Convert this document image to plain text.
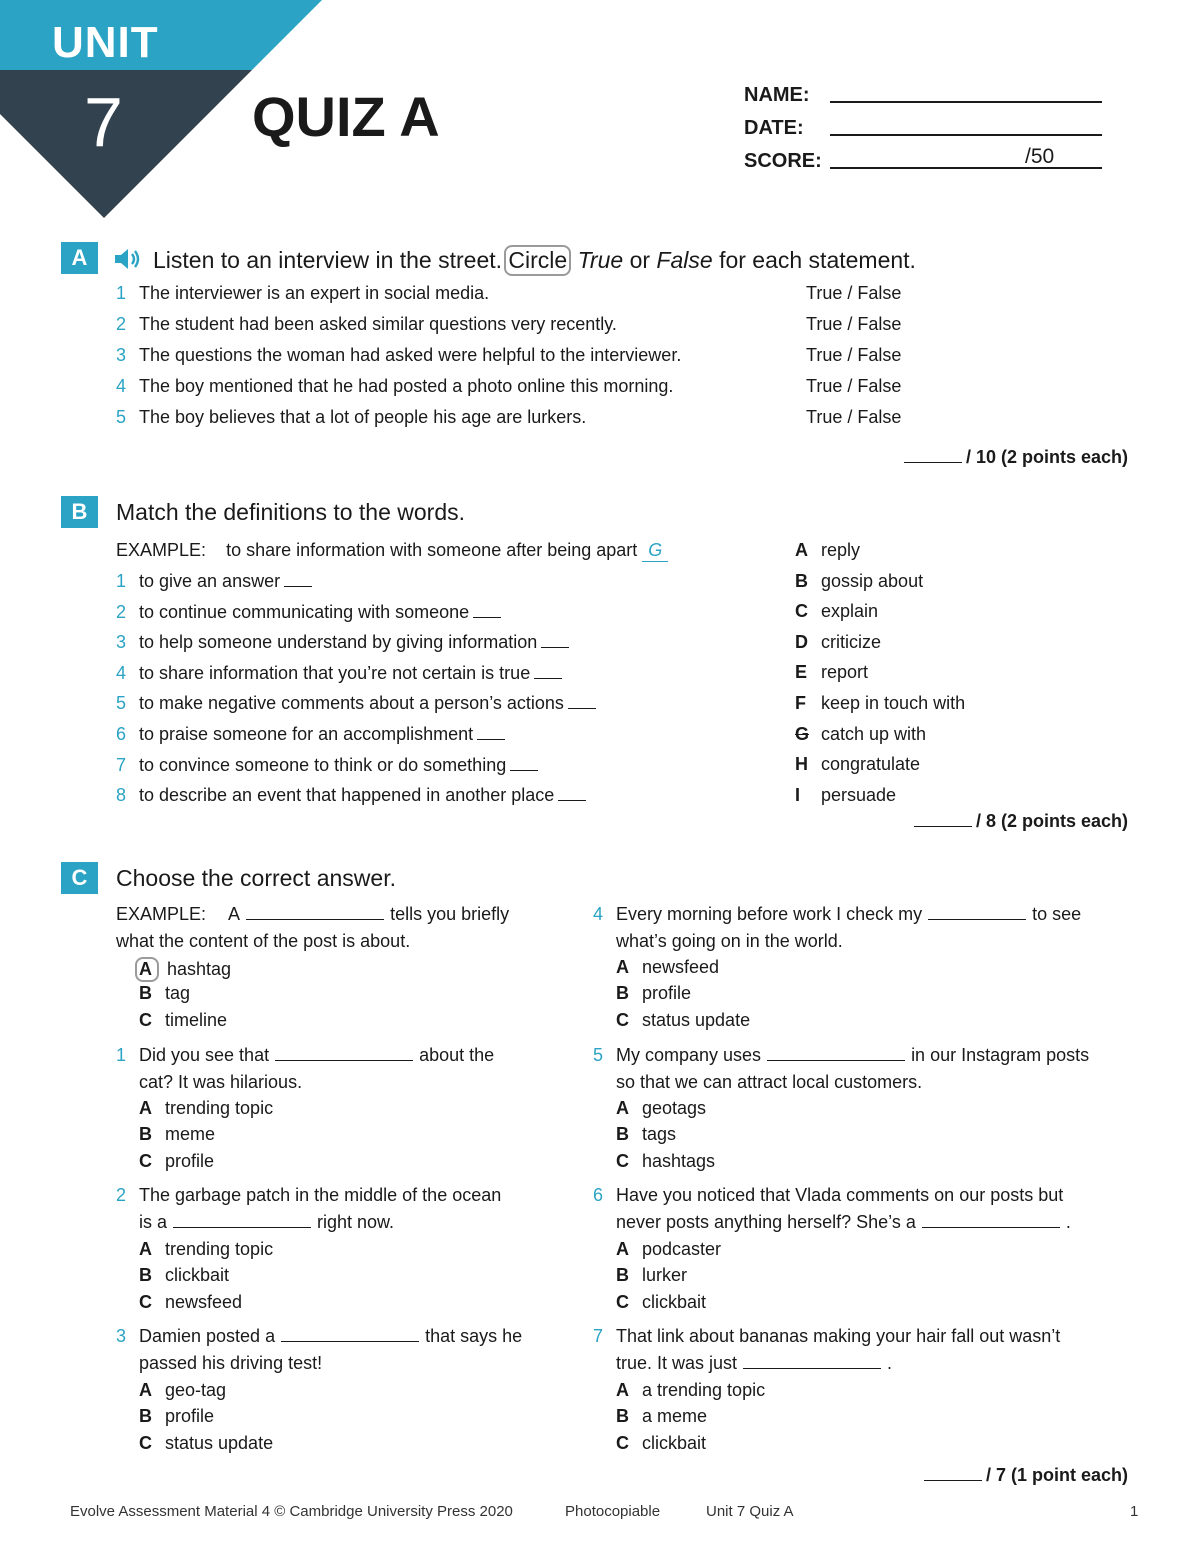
UNIT
7 QUIZ A	NAME:
DATE:
SCORE:	/50
A	Listen to an interview in the street. Circle True or False for each statement.
1 The interviewer is an expert in social media.	True / False
2 The student had been asked similar questions very recently.	True / False
3 The questions the woman had asked were helpful to the interviewer.	True / False
4 The boy mentioned that he had posted a photo online this morning.	True / False
5 The boy believes that a lot of people his age are lurkers.	True / False
/ 10 (2 points each)
B	Match the definitions to the words.
EXAMPLE: to share information with someone after being apart G
1 to give an answer
2 to continue communicating with someone
3 to help someone understand by giving information
4 to share information that you’re not certain is true
5 to make negative comments about a person’s actions
6 to praise someone for an accomplishment
7 to convince someone to think or do something
8 to describe an event that happened in another place
A reply
B gossip about
C explain
D criticize
E report
F keep in touch with
G catch up with
H congratulate
I persuade
/ 8 (2 points each)
C	Choose the correct answer.
EXAMPLE: A	tells you briefly
what the content of the post is about.
A hashtag
B tag
C timeline
1 Did you see that	about the
cat? It was hilarious.
A trending topic
B meme
C profile
2 The garbage patch in the middle of the ocean
is a	right now.
A trending topic
B clickbait
C newsfeed
3 Damien posted a	that says he
passed his driving test!
A geo-tag
B profile
C status update
4 Every morning before work I check my	to see
what’s going on in the world.
A newsfeed
B profile
C status update
5 My company uses	in our Instagram posts
so that we can attract local customers.
A geotags
B tags
C hashtags
6 Have you noticed that Vlada comments on our posts but
never posts anything herself? She’s a	.
A podcaster
B lurker
C clickbait
7 That link about bananas making your hair fall out wasn’t
true. It was just	.
A a trending topic
B a meme
C clickbait
/ 7 (1 point each)
Evolve Assessment Material 4 © Cambridge University Press 2020	Photocopiable	Unit 7 Quiz A	1
